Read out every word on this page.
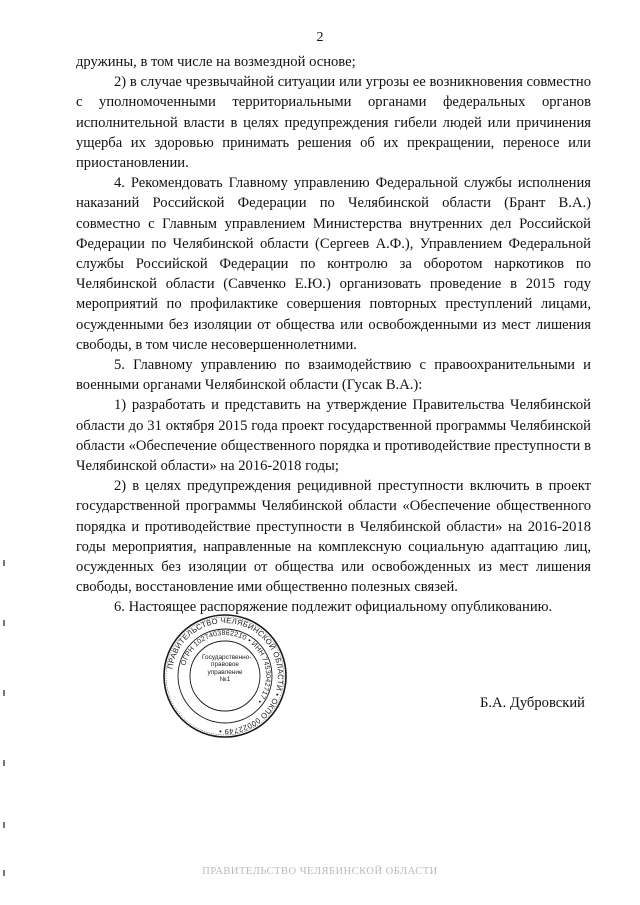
2

дружины, в том числе на возмездной основе;

2) в случае чрезвычайной ситуации или угрозы ее возникновения совместно с уполномоченными территориальными органами федеральных органов исполнительной власти в целях предупреждения гибели людей или причинения ущерба их здоровью принимать решения об их прекращении, переносе или приостановлении.

4. Рекомендовать Главному управлению Федеральной службы исполнения наказаний Российской Федерации по Челябинской области (Брант В.А.) совместно с Главным управлением Министерства внутренних дел Российской Федерации по Челябинской области (Сергеев А.Ф.), Управлением Федеральной службы Российской Федерации по контролю за оборотом наркотиков по Челябинской области (Савченко Е.Ю.) организовать проведение в 2015 году мероприятий по профилактике совершения повторных преступлений лицами, осужденными без изоляции от общества или освобожденными из мест лишения свободы, в том числе несовершеннолетними.

5. Главному управлению по взаимодействию с правоохранительными и военными органами Челябинской области (Гусак В.А.):

1) разработать и представить на утверждение Правительства Челябинской области до 31 октября 2015 года проект государственной программы Челябинской области «Обеспечение общественного порядка и противодействие преступности в Челябинской области» на 2016-2018 годы;

2) в целях предупреждения рецидивной преступности включить в проект государственной программы Челябинской области «Обеспечение общественного порядка и противодействие преступности в Челябинской области» на 2016-2018 годы мероприятия, направленные на комплексную социальную адаптацию лиц, осужденных без изоляции от общества или освобожденных из мест лишения свободы, восстановление ими общественно полезных связей.

6. Настоящее распоряжение подлежит официальному опубликованию.

ПРАВИТЕЛЬСТВО ЧЕЛЯБИНСКОЙ ОБЛАСТИ • ОКПО 00022749 •
ОГРН 1027403862210 • ИНН 7453042717 •
Государственно-
правовое
управление
№1
Б.А. Дубровский
ПРАВИТЕЛЬСТВО ЧЕЛЯБИНСКОЙ ОБЛАСТИ
